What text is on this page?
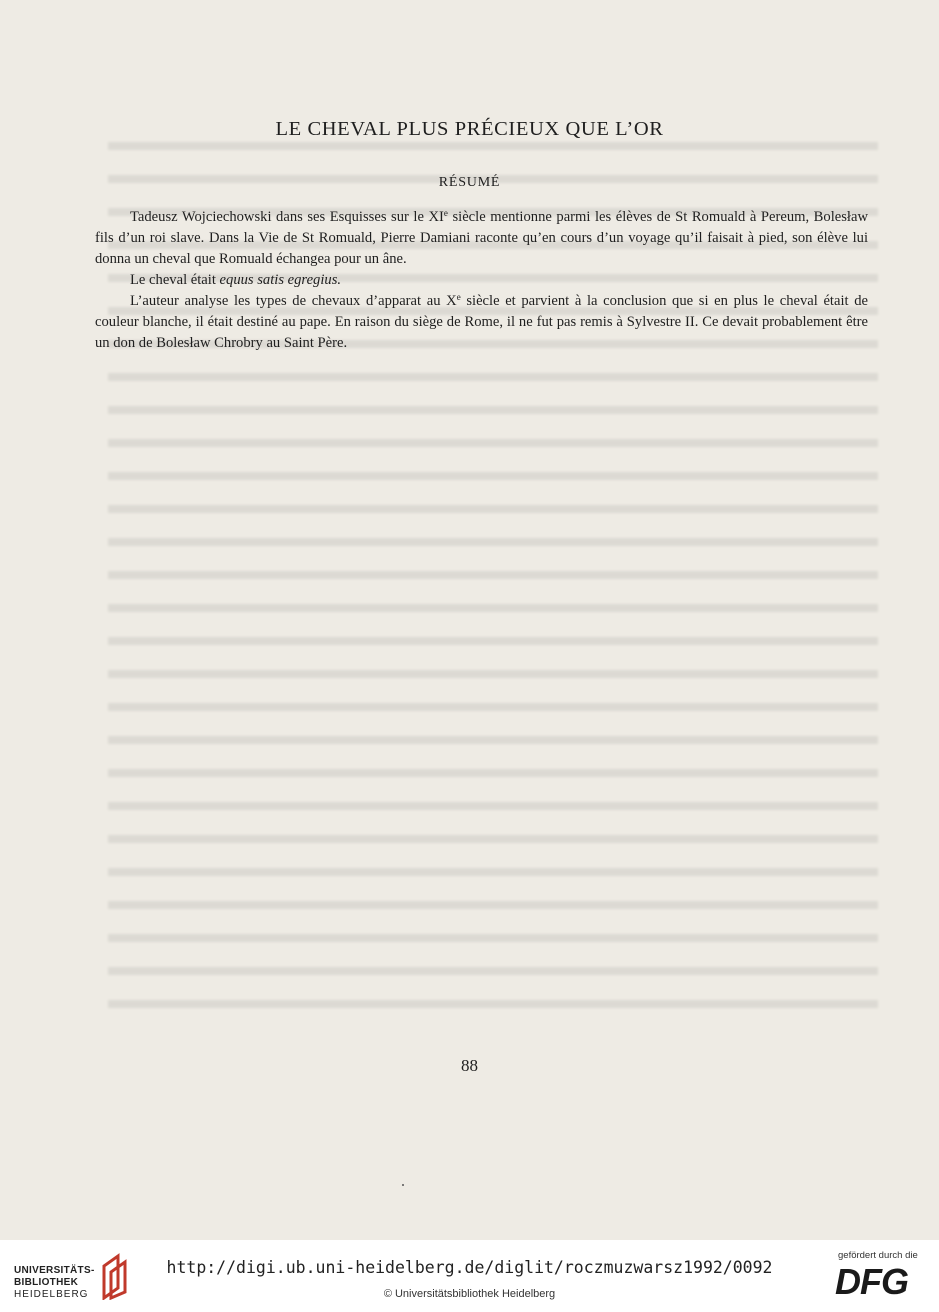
LE CHEVAL PLUS PRÉCIEUX QUE L’OR
RÉSUMÉ

Tadeusz Wojciechowski dans ses Esquisses sur le XIe siècle mentionne parmi les élèves de St Romuald à Pereum, Bolesław fils d’un roi slave. Dans la Vie de St Romuald, Pierre Damiani raconte qu’en cours d’un voyage qu’il faisait à pied, son élève lui donna un cheval que Romuald échangea pour un âne.

Le cheval était equus satis egregius.

L’auteur analyse les types de chevaux d’apparat au Xe siècle et parvient à la conclusion que si en plus le cheval était de couleur blanche, il était destiné au pape. En raison du siège de Rome, il ne fut pas remis à Sylvestre II. Ce devait probablement être un don de Bolesław Chrobry au Saint Père.

88
UNIVERSITÄTS-
BIBLIOTHEK
HEIDELBERG
http://digi.ub.uni-heidelberg.de/diglit/roczmuzwarsz1992/0092
© Universitätsbibliothek Heidelberg
gefördert durch die
DFG
